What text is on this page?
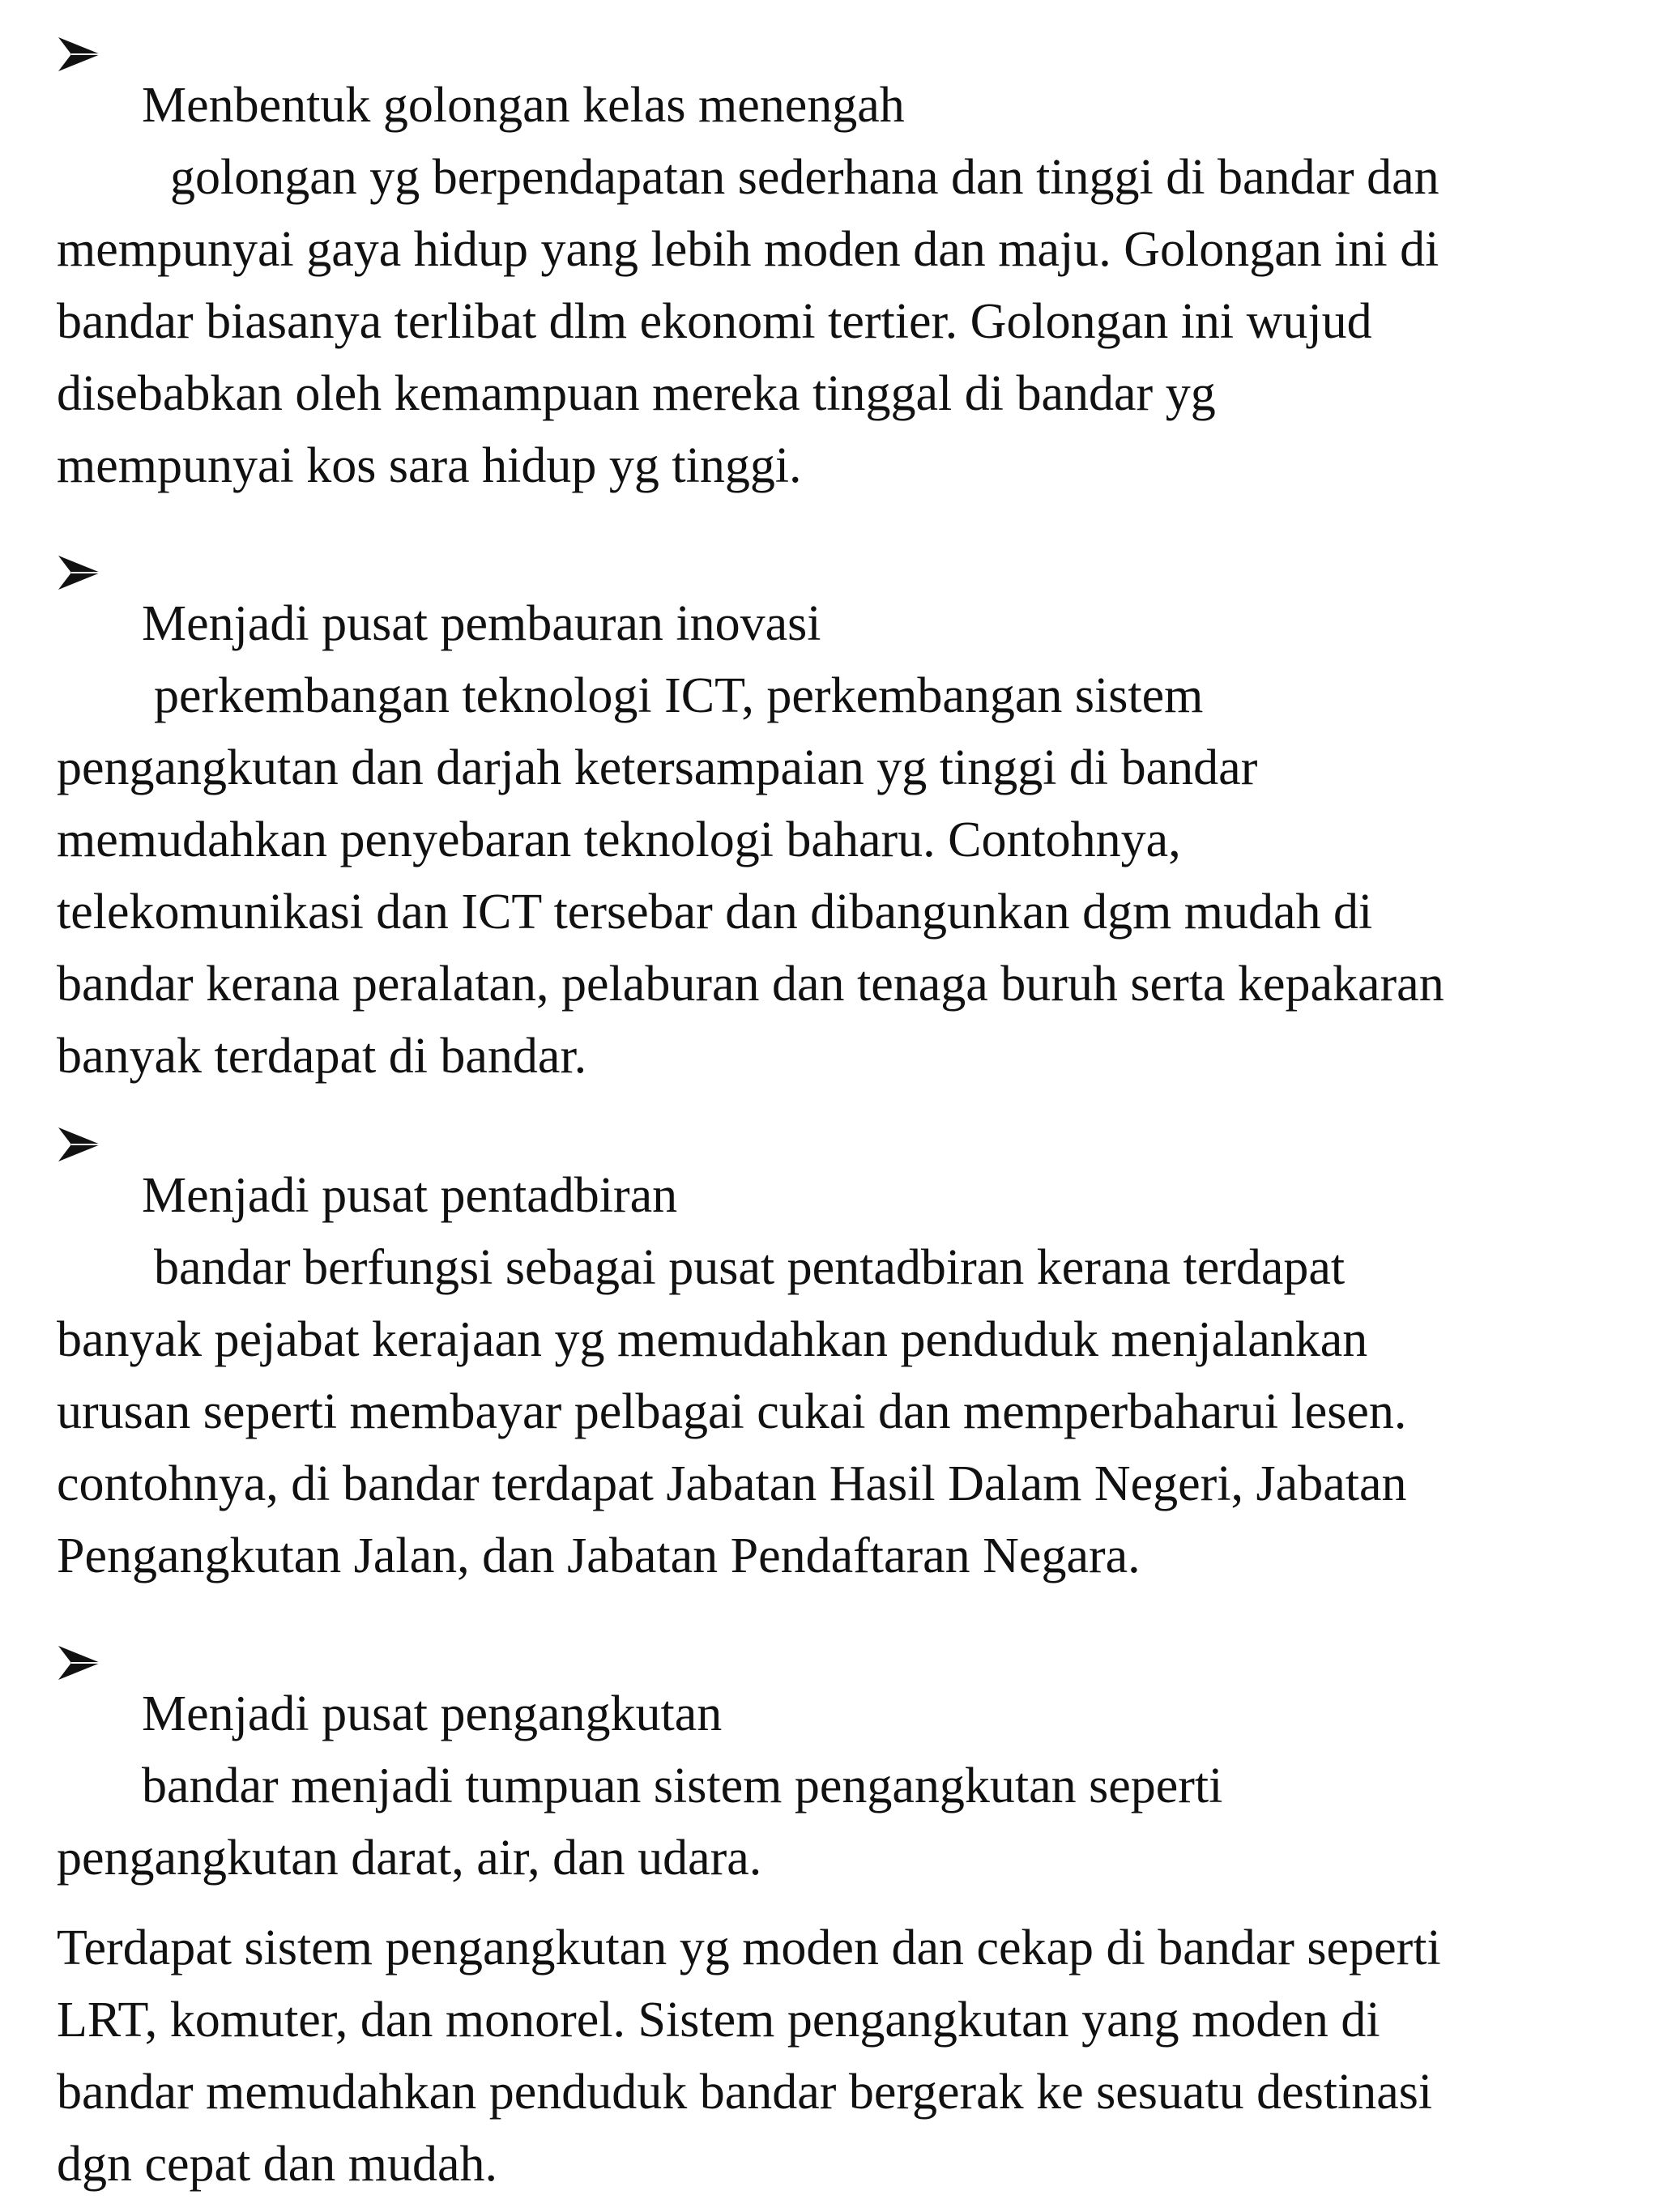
Menbentuk golongan kelas menengah
golongan yg berpendapatan sederhana dan tinggi di bandar dan
mempunyai gaya hidup yang lebih moden dan maju. Golongan ini di
bandar biasanya terlibat dlm ekonomi tertier. Golongan ini wujud
disebabkan oleh kemampuan mereka tinggal di bandar yg
mempunyai kos sara hidup yg tinggi.
Menjadi pusat pembauran inovasi
perkembangan teknologi ICT, perkembangan sistem
pengangkutan dan darjah ketersampaian yg tinggi di bandar
memudahkan penyebaran teknologi baharu. Contohnya,
telekomunikasi dan ICT tersebar dan dibangunkan dgm mudah di
bandar kerana peralatan, pelaburan dan tenaga buruh serta kepakaran
banyak terdapat di bandar.
Menjadi pusat pentadbiran
bandar berfungsi sebagai pusat pentadbiran kerana terdapat
banyak pejabat kerajaan yg memudahkan penduduk menjalankan
urusan seperti membayar pelbagai cukai dan memperbaharui lesen.
contohnya, di bandar terdapat Jabatan Hasil Dalam Negeri, Jabatan
Pengangkutan Jalan, dan Jabatan Pendaftaran Negara.
Menjadi pusat pengangkutan
bandar menjadi tumpuan sistem pengangkutan seperti
pengangkutan darat, air, dan udara.
Terdapat sistem pengangkutan yg moden dan cekap di bandar seperti
LRT, komuter, dan monorel. Sistem pengangkutan yang moden di
bandar memudahkan penduduk bandar bergerak ke sesuatu destinasi
dgn cepat dan mudah.
